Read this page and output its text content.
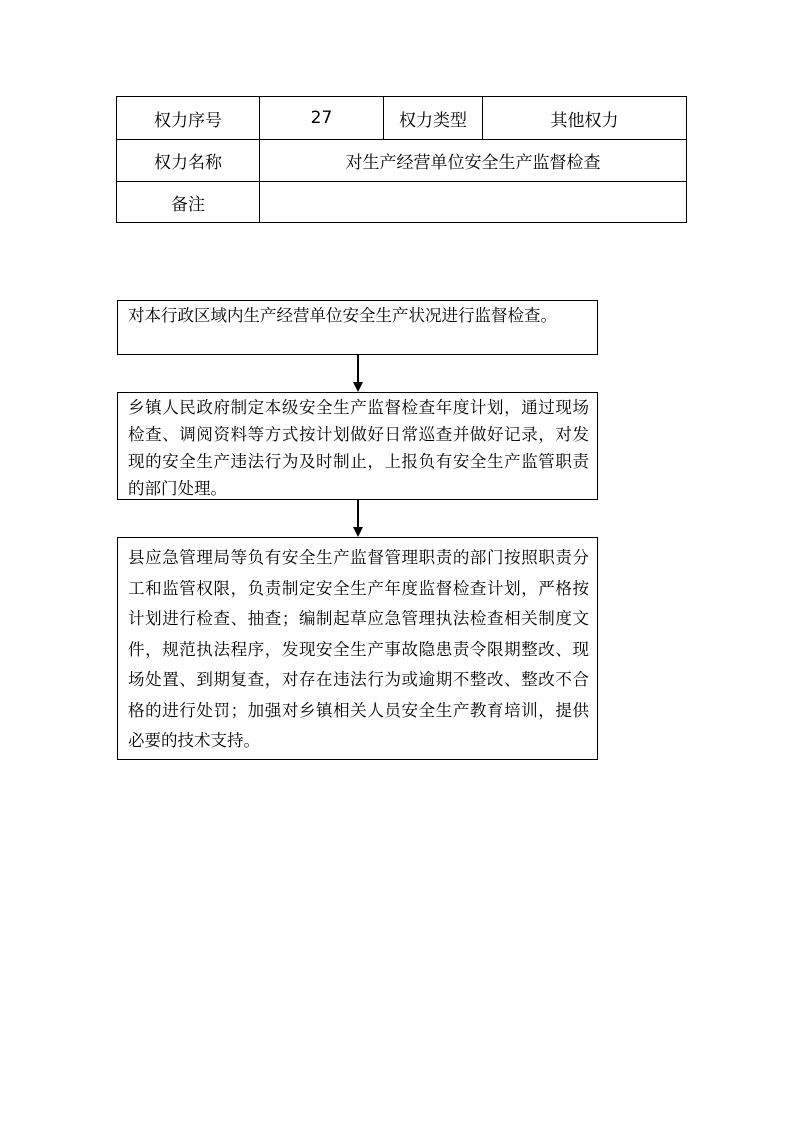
权力序号	27	权力类型	其他权力
权力名称	对生产经营单位安全生产监督检查		
备注			
对本行政区域内生产经营单位安全生产状况进行监督检查。
乡镇人民政府制定本级安全生产监督检查年度计划，通过现场检查、调阅资料等方式按计划做好日常巡查并做好记录，对发现的安全生产违法行为及时制止，上报负有安全生产监管职责的部门处理。
县应急管理局等负有安全生产监督管理职责的部门按照职责分工和监管权限，负责制定安全生产年度监督检查计划，严格按计划进行检查、抽查；编制起草应急管理执法检查相关制度文件，规范执法程序，发现安全生产事故隐患责令限期整改、现场处置、到期复查，对存在违法行为或逾期不整改、整改不合格的进行处罚；加强对乡镇相关人员安全生产教育培训，提供必要的技术支持。
